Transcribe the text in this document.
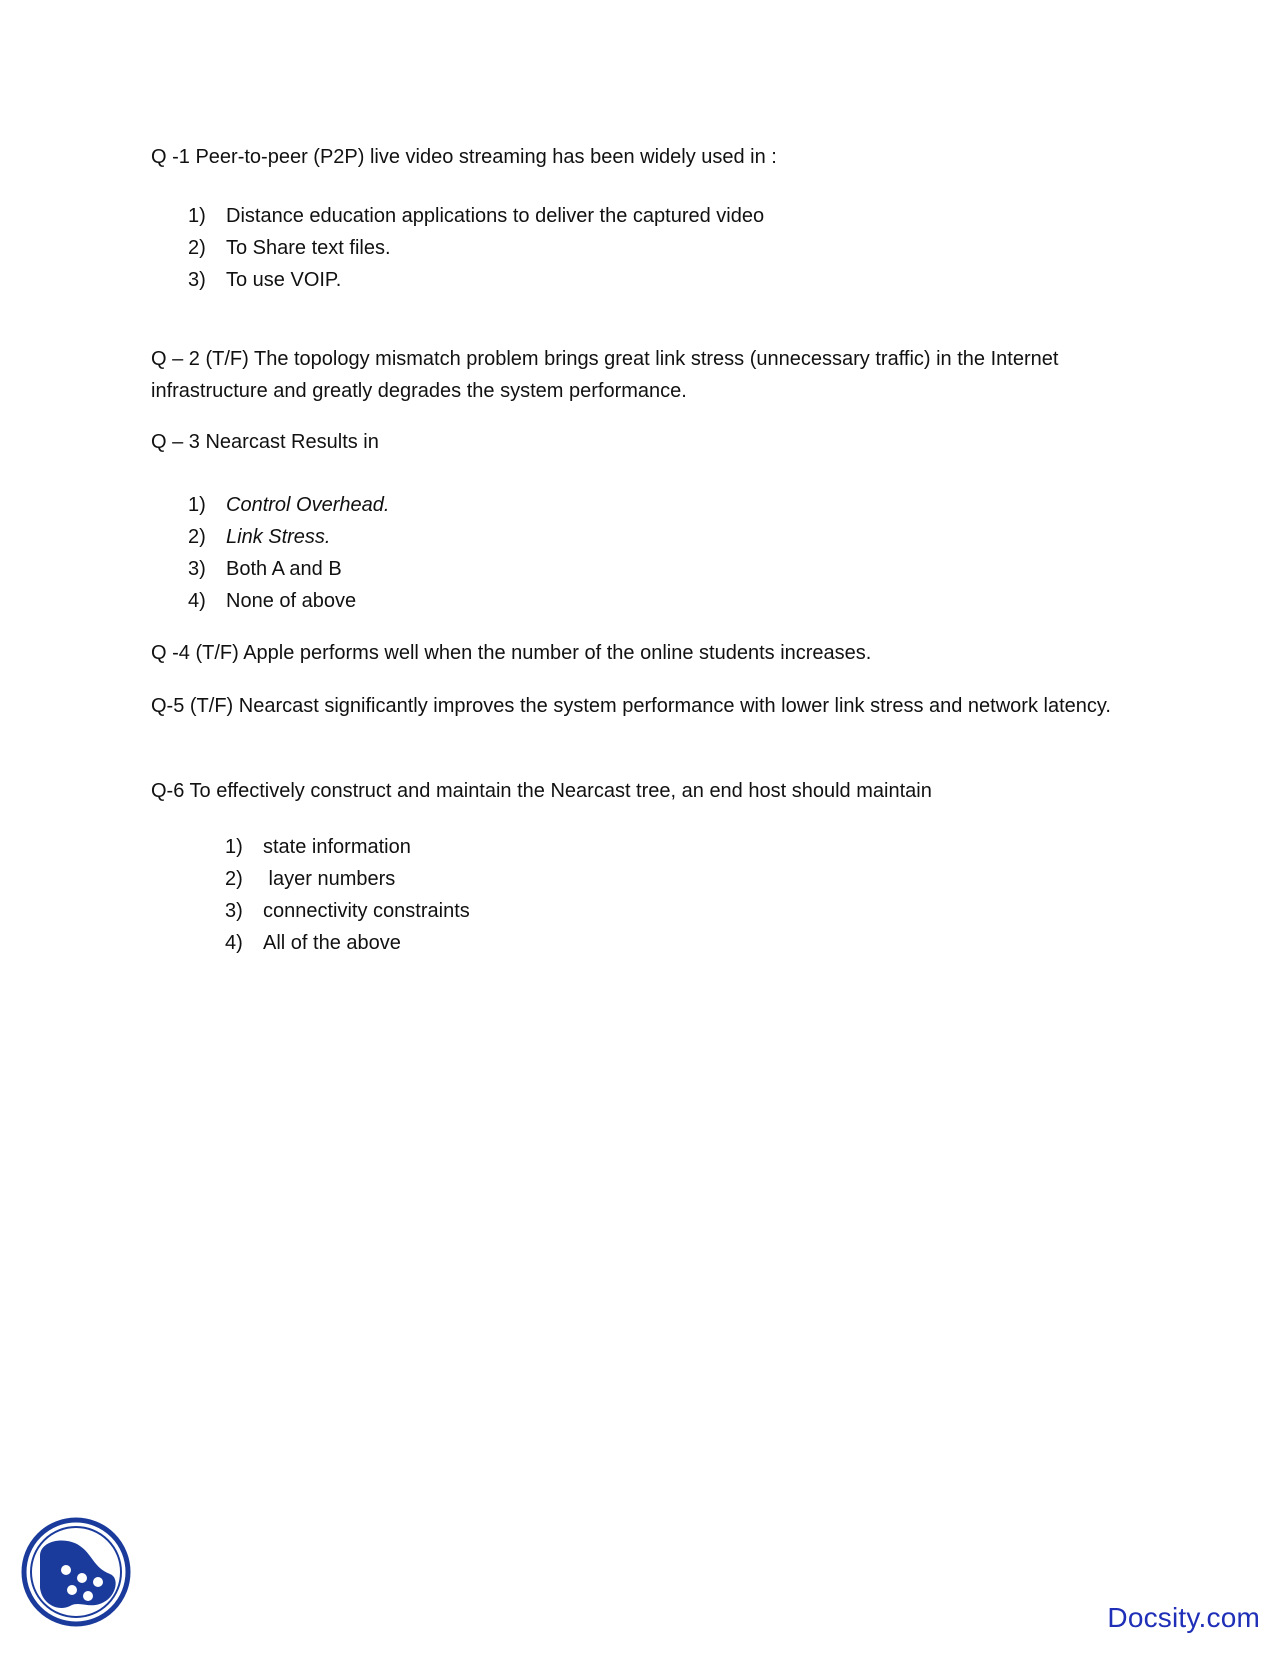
Q -1 Peer-to-peer (P2P) live video streaming has been widely used in :

1) Distance education applications to deliver the captured video
2) To Share text files.
3) To use VOIP.

Q – 2 (T/F) The topology mismatch problem brings great link stress (unnecessary traffic) in the Internet infrastructure and greatly degrades the system performance.

Q – 3 Nearcast Results in

1) Control Overhead.
2) Link Stress.
3) Both A and B
4) None of above

Q -4 (T/F) Apple performs well when the number of the online students increases.

Q-5 (T/F) Nearcast significantly improves the system performance with lower link stress and network latency.

Q-6 To effectively construct and maintain the Nearcast tree, an end host should maintain

1) state information
2) layer numbers
3) connectivity constraints
4) All of the above
Docsity.com
